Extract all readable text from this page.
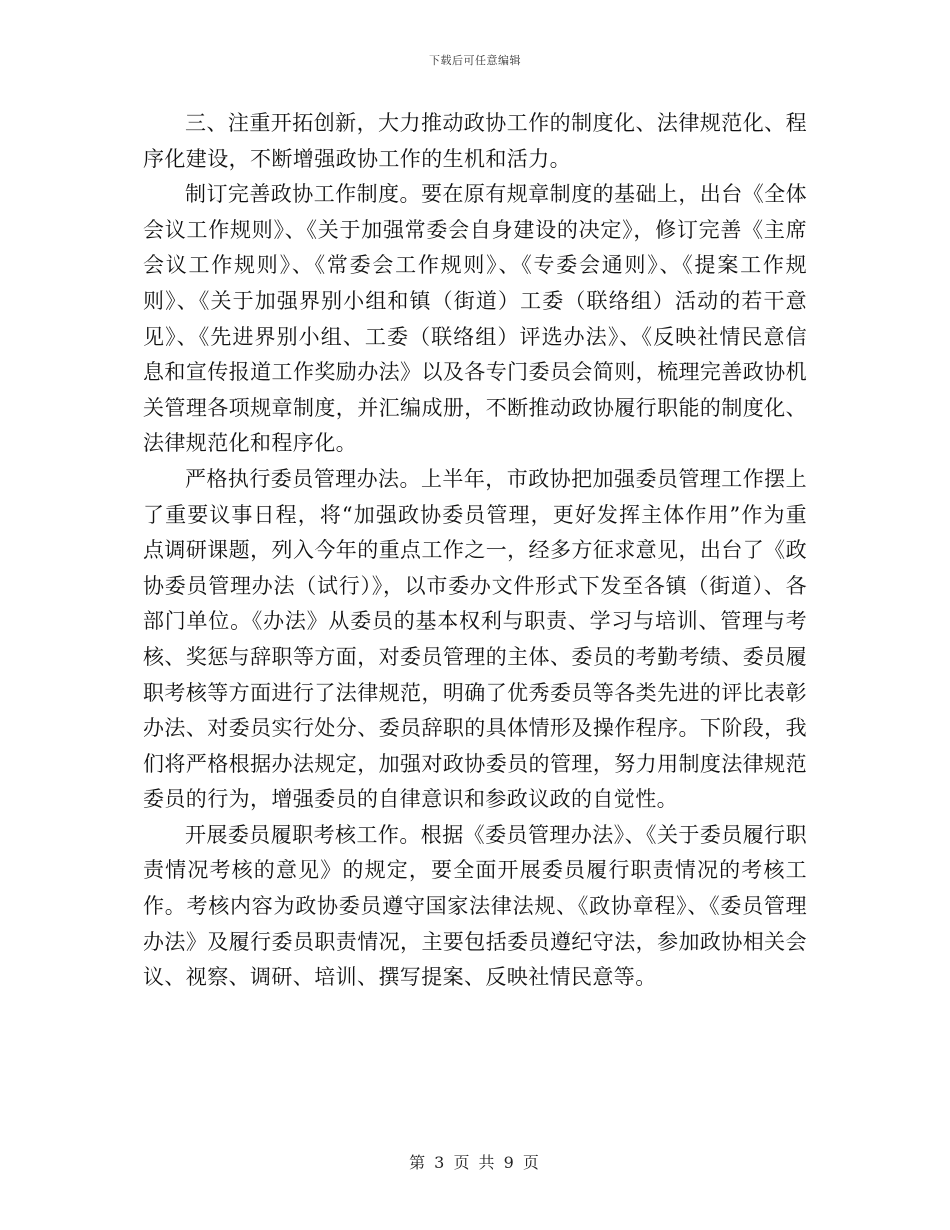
下载后可任意编辑

三、注重开拓创新，大力推动政协工作的制度化、法律规范化、程序化建设，不断增强政协工作的生机和活力。

制订完善政协工作制度。要在原有规章制度的基础上，出台《全体会议工作规则》、《关于加强常委会自身建设的决定》，修订完善《主席会议工作规则》、《常委会工作规则》、《专委会通则》、《提案工作规则》、《关于加强界别小组和镇（街道）工委（联络组）活动的若干意见》、《先进界别小组、工委（联络组）评选办法》、《反映社情民意信息和宣传报道工作奖励办法》以及各专门委员会简则，梳理完善政协机关管理各项规章制度，并汇编成册，不断推动政协履行职能的制度化、法律规范化和程序化。

严格执行委员管理办法。上半年，市政协把加强委员管理工作摆上了重要议事日程，将“加强政协委员管理，更好发挥主体作用”作为重点调研课题，列入今年的重点工作之一，经多方征求意见，出台了《政协委员管理办法（试行）》，以市委办文件形式下发至各镇（街道）、各部门单位。《办法》从委员的基本权利与职责、学习与培训、管理与考核、奖惩与辞职等方面，对委员管理的主体、委员的考勤考绩、委员履职考核等方面进行了法律规范，明确了优秀委员等各类先进的评比表彰办法、对委员实行处分、委员辞职的具体情形及操作程序。下阶段，我们将严格根据办法规定，加强对政协委员的管理，努力用制度法律规范委员的行为，增强委员的自律意识和参政议政的自觉性。

开展委员履职考核工作。根据《委员管理办法》、《关于委员履行职责情况考核的意见》的规定，要全面开展委员履行职责情况的考核工作。考核内容为政协委员遵守国家法律法规、《政协章程》、《委员管理办法》及履行委员职责情况，主要包括委员遵纪守法，参加政协相关会议、视察、调研、培训、撰写提案、反映社情民意等。

第 3 页 共 9 页
